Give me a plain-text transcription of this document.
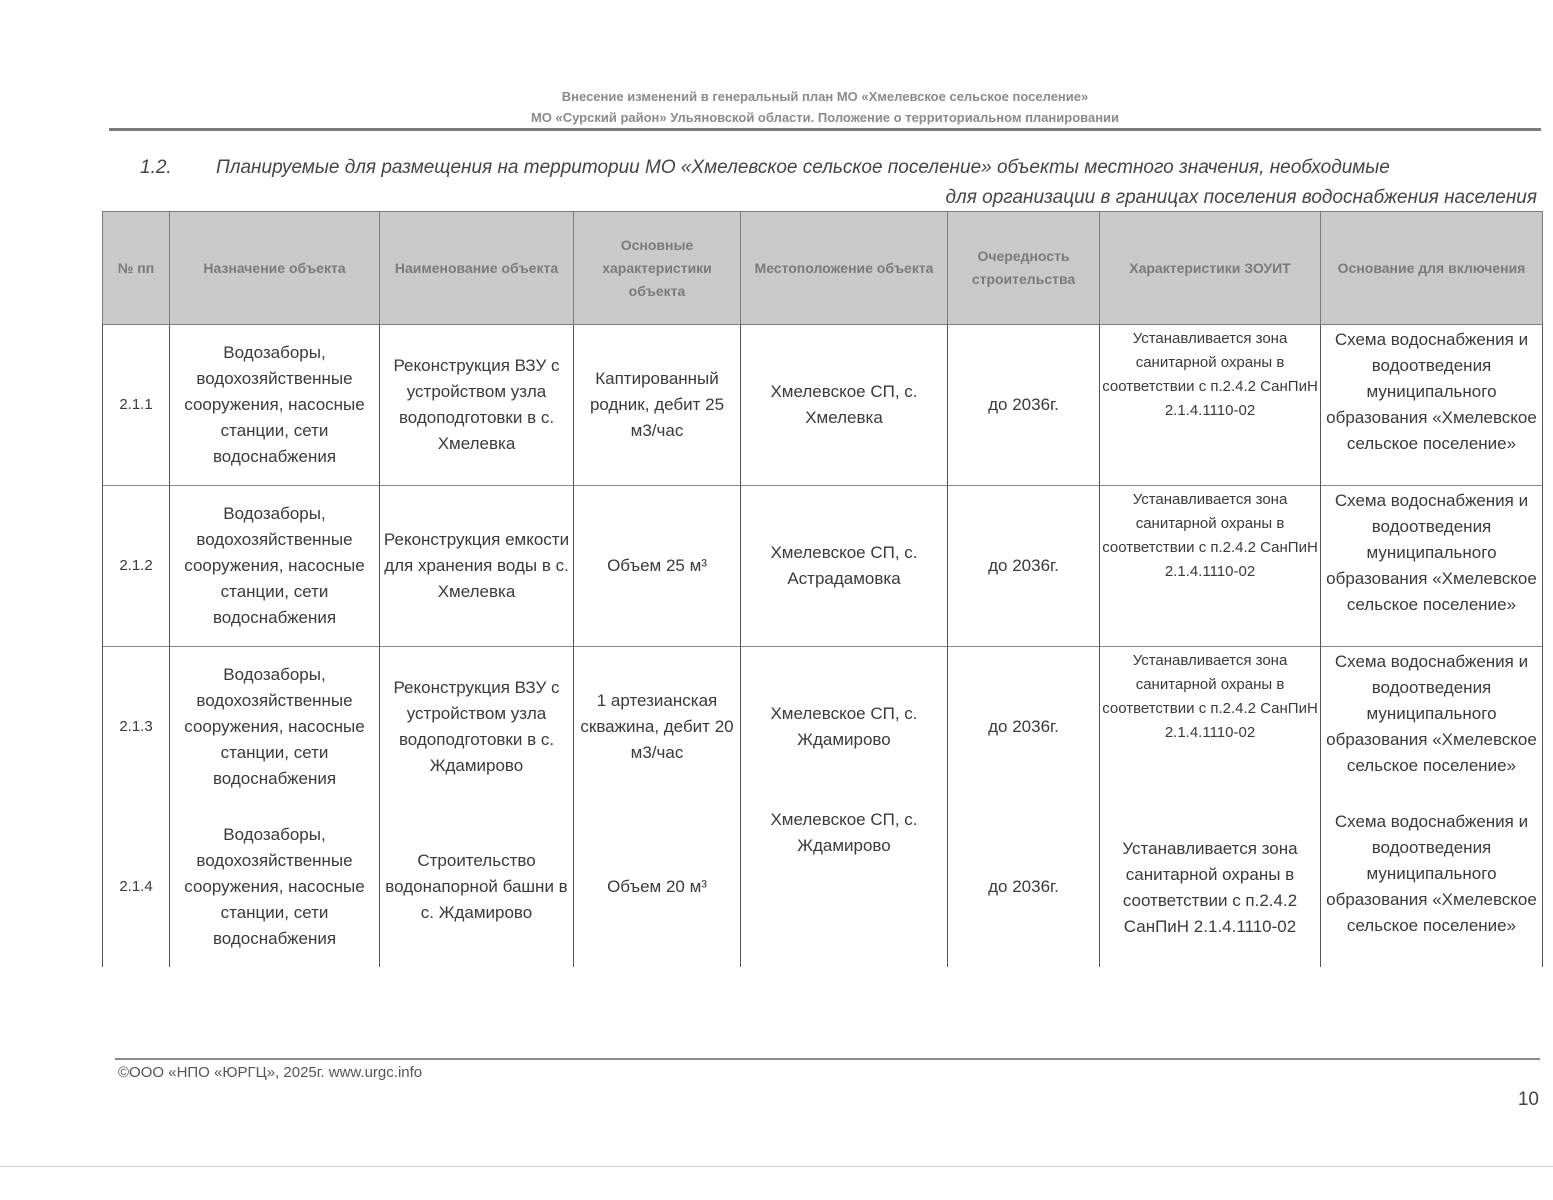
Внесение изменений в генеральный план МО «Хмелевское сельское поселение»
МО «Сурский район» Ульяновской области. Положение о территориальном планировании
1.2.	Планируемые для размещения на территории МО «Хмелевское сельское поселение» объекты местного значения, необходимые
для организации в границах поселения водоснабжения населения
№ пп	Назначение объекта	Наименование объекта	Основные характеристики объекта	Местоположение объекта	Очередность строительства	Характеристики ЗОУИТ	Основание для включения
2.1.1	Водозаборы, водохозяйственные сооружения, насосные станции, сети водоснабжения	Реконструкция ВЗУ с устройством узла водоподготовки в с. Хмелевка	Каптированный родник, дебит 25 м3/час	Хмелевское СП, с. Хмелевка	до 2036г.	Устанавливается зона санитарной охраны в соответствии с п.2.4.2 СанПиН 2.1.4.1110-02	Схема водоснабжения и водоотведения муниципального образования «Хмелевское сельское поселение»
2.1.2	Водозаборы, водохозяйственные сооружения, насосные станции, сети водоснабжения	Реконструкция емкости для хранения воды в с. Хмелевка	Объем 25 м³	Хмелевское СП, с. Астрадамовка	до 2036г.	Устанавливается зона санитарной охраны в соответствии с п.2.4.2 СанПиН 2.1.4.1110-02	Схема водоснабжения и водоотведения муниципального образования «Хмелевское сельское поселение»
2.1.3	Водозаборы, водохозяйственные сооружения, насосные станции, сети водоснабжения	Реконструкция ВЗУ с устройством узла водоподготовки в с. Ждамирово	1 артезианская скважина, дебит 20 м3/час	Хмелевское СП, с. Ждамирово	до 2036г.	Устанавливается зона санитарной охраны в соответствии с п.2.4.2 СанПиН 2.1.4.1110-02	Схема водоснабжения и водоотведения муниципального образования «Хмелевское сельское поселение»
2.1.4	Водозаборы, водохозяйственные сооружения, насосные станции, сети водоснабжения	Строительство водонапорной башни в с. Ждамирово	Объем 20 м³	Хмелевское СП, с. Ждамирово	до 2036г.	Устанавливается зона санитарной охраны в соответствии с п.2.4.2 СанПиН 2.1.4.1110-02	Схема водоснабжения и водоотведения муниципального образования «Хмелевское сельское поселение»
©ООО «НПО «ЮРГЦ», 2025г. www.urgc.info
10
